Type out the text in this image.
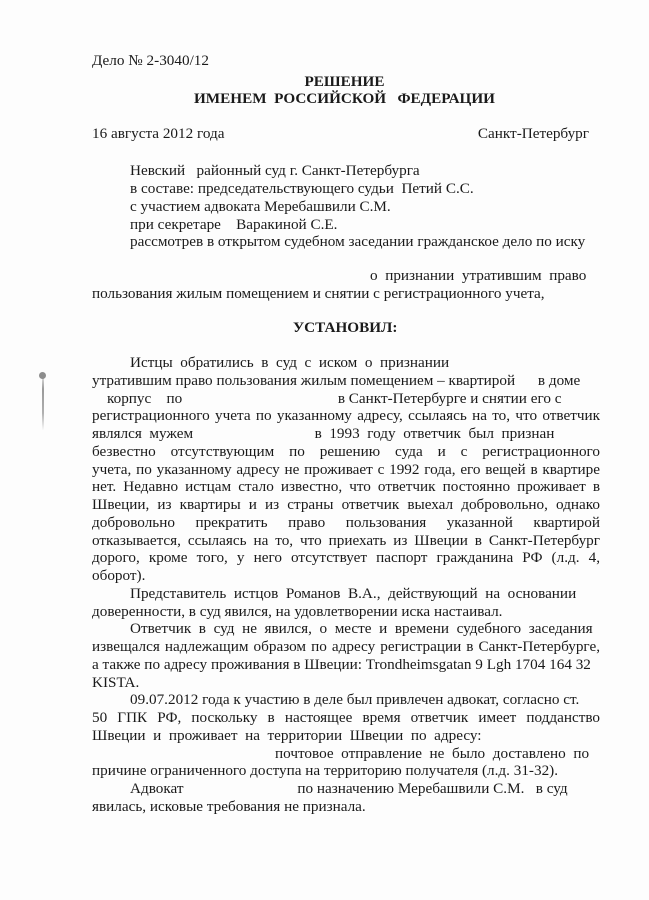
Дело № 2-3040/12
РЕШЕНИЕ
ИМЕНЕМ  РОССИЙСКОЙ   ФЕДЕРАЦИИ
16 августа 2012 года	Санкт-Петербург
Невский   районный суд г. Санкт-Петербурга
в составе: председательствующего судьи  Петий С.С.
с участием адвоката Меребашвили С.М.
при секретаре    Варакиной С.Е.
рассмотрев в открытом судебном заседании гражданское дело по иску
о  признании  утратившим  право
пользования жилым помещением и снятии с регистрационного учета,
УСТАНОВИЛ:
Истцы  обратились  в  суд  с  иском  о  признании
утратившим право пользования жилым помещением – квартирой      в доме
корпус    по                                         в Санкт-Петербурге и снятии его с
регистрационного учета по указанному адресу, ссылаясь на то, что ответчик
являлся  мужем                                в  1993  году  ответчик  был  признан
безвестно отсутствующим по решению суда и с регистрационного
учета, по указанному адресу не проживает с 1992 года, его вещей в квартире
нет. Недавно истцам стало известно, что ответчик постоянно проживает в
Швеции, из квартиры и из страны ответчик выехал добровольно, однако
добровольно прекратить право пользования указанной квартирой
отказывается, ссылаясь на то, что приехать из Швеции в Санкт-Петербург
дорого, кроме того, у него отсутствует паспорт гражданина РФ (л.д. 4,
оборот).
Представитель  истцов  Романов  В.А.,  действующий  на  основании
доверенности, в суд явился, на удовлетворении иска настаивал.
Ответчик  в  суд  не  явился,  о  месте  и  времени  судебного  заседания
извещался надлежащим образом по адресу регистрации в Санкт-Петербурге,
а также по адресу проживания в Швеции: Trondheimsgatan 9 Lgh 1704 164 32
KISTA.
09.07.2012 года к участию в деле был привлечен адвокат, согласно ст.
50 ГПК РФ, поскольку в настоящее время ответчик имеет подданство
Швеции  и  проживает  на  территории  Швеции  по  адресу:
почтовое  отправление  не  было  доставлено  по
причине ограниченного доступа на территорию получателя (л.д. 31-32).
Адвокат                              по назначению Меребашвили С.М.   в суд
явилась, исковые требования не признала.
